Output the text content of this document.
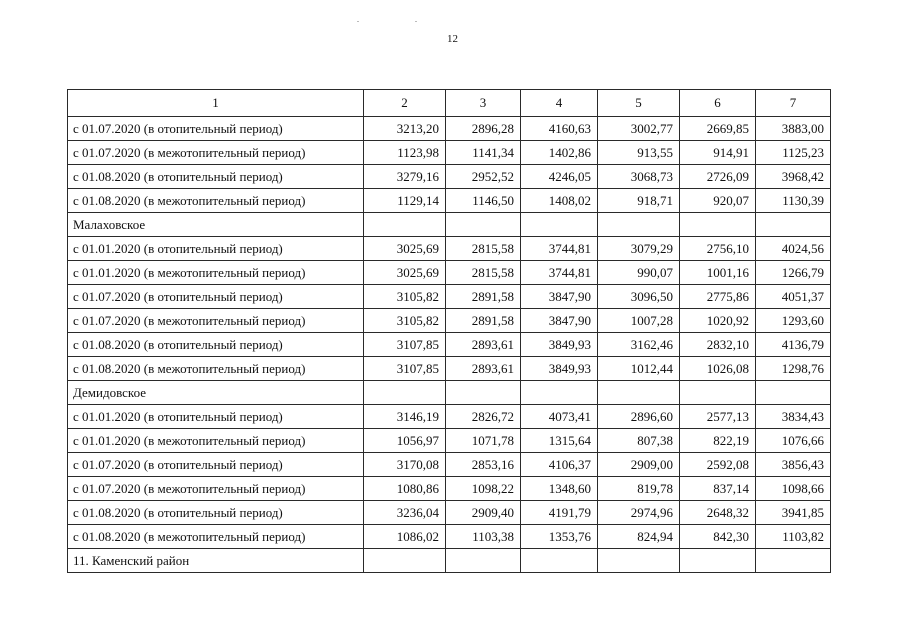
12
1	2	3	4	5	6	7
с 01.07.2020 (в отопительный период)	3213,20	2896,28	4160,63	3002,77	2669,85	3883,00
с 01.07.2020 (в межотопительный период)	1123,98	1141,34	1402,86	913,55	914,91	1125,23
с 01.08.2020 (в отопительный период)	3279,16	2952,52	4246,05	3068,73	2726,09	3968,42
с 01.08.2020 (в межотопительный период)	1129,14	1146,50	1408,02	918,71	920,07	1130,39
Малаховское						
с 01.01.2020 (в отопительный период)	3025,69	2815,58	3744,81	3079,29	2756,10	4024,56
с 01.01.2020 (в межотопительный период)	3025,69	2815,58	3744,81	990,07	1001,16	1266,79
с 01.07.2020 (в отопительный период)	3105,82	2891,58	3847,90	3096,50	2775,86	4051,37
с 01.07.2020 (в межотопительный период)	3105,82	2891,58	3847,90	1007,28	1020,92	1293,60
с 01.08.2020 (в отопительный период)	3107,85	2893,61	3849,93	3162,46	2832,10	4136,79
с 01.08.2020 (в межотопительный период)	3107,85	2893,61	3849,93	1012,44	1026,08	1298,76
Демидовское						
с 01.01.2020 (в отопительный период)	3146,19	2826,72	4073,41	2896,60	2577,13	3834,43
с 01.01.2020 (в межотопительный период)	1056,97	1071,78	1315,64	807,38	822,19	1076,66
с 01.07.2020 (в отопительный период)	3170,08	2853,16	4106,37	2909,00	2592,08	3856,43
с 01.07.2020 (в межотопительный период)	1080,86	1098,22	1348,60	819,78	837,14	1098,66
с 01.08.2020 (в отопительный период)	3236,04	2909,40	4191,79	2974,96	2648,32	3941,85
с 01.08.2020 (в межотопительный период)	1086,02	1103,38	1353,76	824,94	842,30	1103,82
11. Каменский район						
